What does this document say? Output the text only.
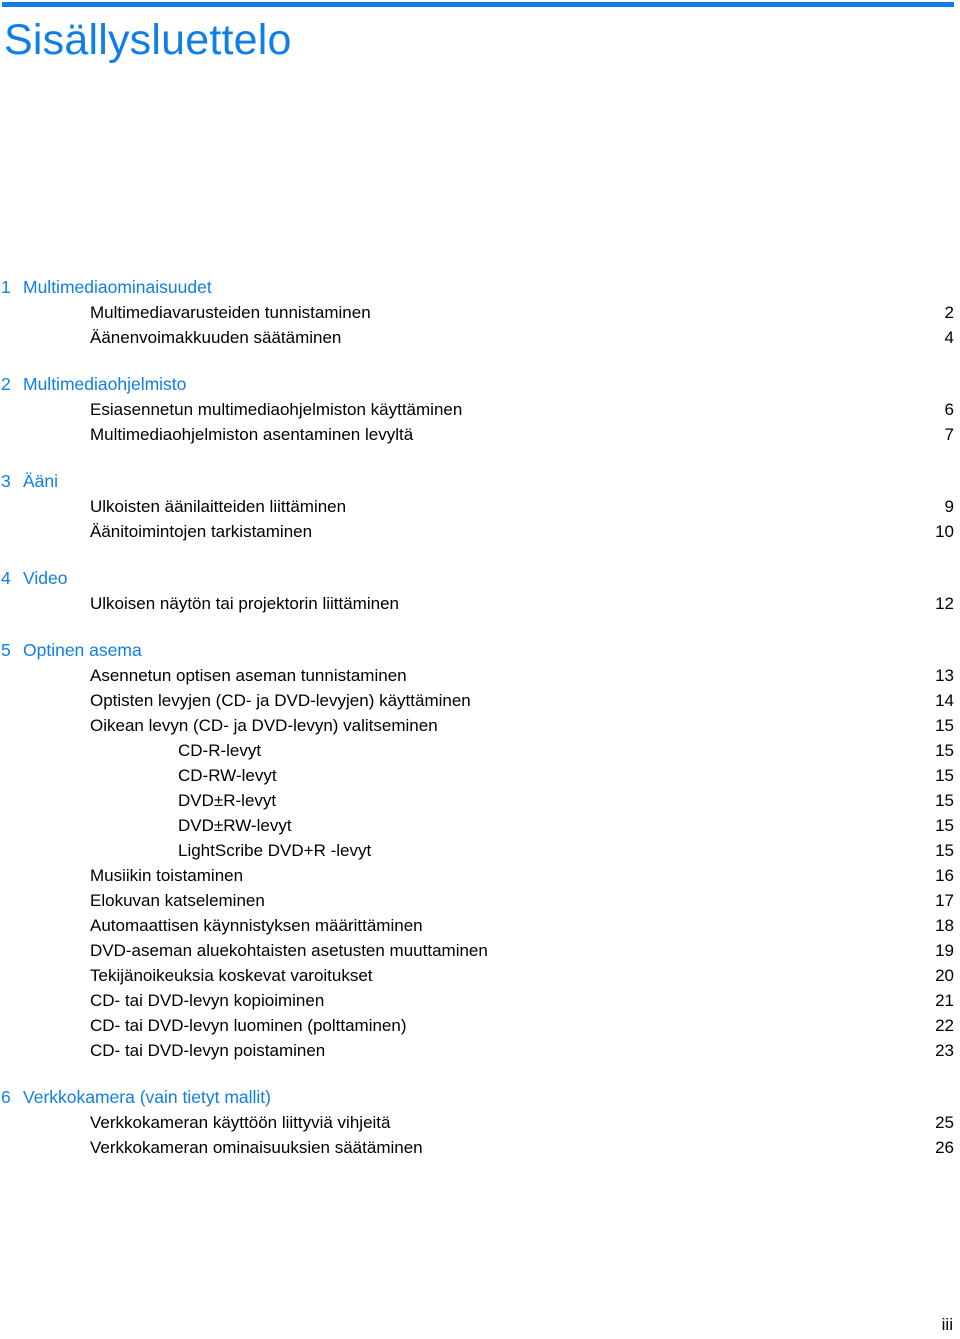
Sisällysluettelo
1 Multimediaominaisuudet
Multimediavarusteiden tunnistaminen	2
Äänenvoimakkuuden säätäminen	4
2 Multimediaohjelmisto
Esiasennetun multimediaohjelmiston käyttäminen	6
Multimediaohjelmiston asentaminen levyltä	7
3 Ääni
Ulkoisten äänilaitteiden liittäminen	9
Äänitoimintojen tarkistaminen	10
4 Video
Ulkoisen näytön tai projektorin liittäminen	12
5 Optinen asema
Asennetun optisen aseman tunnistaminen	13
Optisten levyjen (CD- ja DVD-levyjen) käyttäminen	14
Oikean levyn (CD- ja DVD-levyn) valitseminen	15
CD-R-levyt	15
CD-RW-levyt	15
DVD±R-levyt	15
DVD±RW-levyt	15
LightScribe DVD+R -levyt	15
Musiikin toistaminen	16
Elokuvan katseleminen	17
Automaattisen käynnistyksen määrittäminen	18
DVD-aseman aluekohtaisten asetusten muuttaminen	19
Tekijänoikeuksia koskevat varoitukset	20
CD- tai DVD-levyn kopioiminen	21
CD- tai DVD-levyn luominen (polttaminen)	22
CD- tai DVD-levyn poistaminen	23
6 Verkkokamera (vain tietyt mallit)
Verkkokameran käyttöön liittyviä vihjeitä	25
Verkkokameran ominaisuuksien säätäminen	26
iii
